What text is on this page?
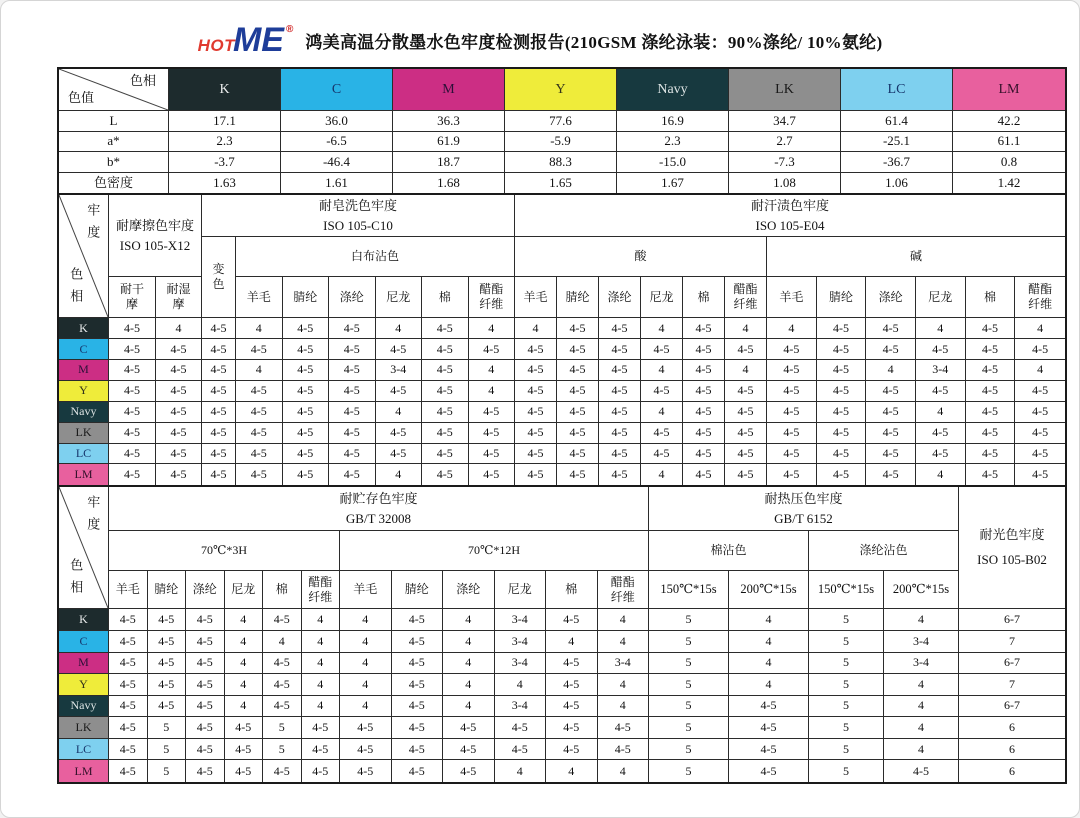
HOT
ME ®
鸿美高温分散墨水色牢度检测报告(210GSM 涤纶泳装：90%涤纶/ 10%氨纶)
色相
色值
K	C	M	Y	Navy	LK	LC	LM
L	17.1	36.0	36.3	77.6	16.9	34.7	61.4	42.2
a*	2.3	-6.5	61.9	-5.9	2.3	2.7	-25.1	61.1
b*	-3.7	-46.4	18.7	88.3	-15.0	-7.3	-36.7	0.8
色密度	1.63	1.61	1.68	1.65	1.67	1.08	1.06	1.42
牢度
色相
耐摩擦色牢度
ISO 105-X12
耐皂洗色牢度
ISO 105-C10
耐汗渍色牢度
ISO 105-E04
变色
白布沾色	酸	碱
耐干摩
耐湿摩
羊毛 腈纶 涤纶 尼龙 棉
醋酯纤维
羊毛 腈纶 涤纶 尼龙 棉
醋酯纤维
羊毛 腈纶 涤纶 尼龙	棉
醋酯纤维
K	4-5	4	4-5	4	4-5	4-5	4	4-5	4	4	4-5	4-5	4	4-5	4	4	4-5	4-5	4	4-5	4
C	4-5	4-5	4-5	4-5	4-5	4-5	4-5	4-5	4-5	4-5	4-5	4-5	4-5	4-5	4-5	4-5	4-5	4-5	4-5	4-5	4-5
M	4-5	4-5	4-5	4	4-5	4-5	3-4	4-5	4	4-5	4-5	4-5	4	4-5	4	4-5	4-5	4	3-4	4-5	4
Y	4-5	4-5	4-5	4-5	4-5	4-5	4-5	4-5	4	4-5	4-5	4-5	4-5	4-5	4-5	4-5	4-5	4-5	4-5	4-5	4-5
Navy	4-5	4-5	4-5	4-5	4-5	4-5	4	4-5	4-5	4-5	4-5	4-5	4	4-5	4-5	4-5	4-5	4-5	4	4-5	4-5
LK	4-5	4-5	4-5	4-5	4-5	4-5	4-5	4-5	4-5	4-5	4-5	4-5	4-5	4-5	4-5	4-5	4-5	4-5	4-5	4-5	4-5
LC	4-5	4-5	4-5	4-5	4-5	4-5	4-5	4-5	4-5	4-5	4-5	4-5	4-5	4-5	4-5	4-5	4-5	4-5	4-5	4-5	4-5
LM	4-5	4-5	4-5	4-5	4-5	4-5	4	4-5	4-5	4-5	4-5	4-5	4	4-5	4-5	4-5	4-5	4-5	4	4-5	4-5
牢度
色相
耐贮存色牢度
GB/T 32008
70℃*3H	70℃*12H
耐热压色牢度
GB/T 6152
棉沾色	涤纶沾色
耐光色牢度
ISO 105-B02
羊毛 腈纶 涤纶 尼龙 棉
醋酯纤维
羊毛 腈纶 涤纶 尼龙	棉
醋酯纤维
150℃*15s	200℃*15s	150℃*15s	200℃*15s
K	4-5	4-5	4-5	4	4-5	4	4	4-5	4	3-4	4-5	4	5	4	5	4	6-7
C	4-5	4-5	4-5	4	4	4	4	4-5	4	3-4	4	4	5	4	5	3-4	7
M	4-5	4-5	4-5	4	4-5	4	4	4-5	4	3-4	4-5	3-4	5	4	5	3-4	6-7
Y	4-5	4-5	4-5	4	4-5	4	4	4-5	4	4	4-5	4	5	4	5	4	7
Navy	4-5	4-5	4-5	4	4-5	4	4	4-5	4	3-4	4-5	4	5	4-5	5	4	6-7
LK	4-5	5	4-5	4-5	5	4-5	4-5	4-5	4-5	4-5	4-5	4-5	5	4-5	5	4	6
LC	4-5	5	4-5	4-5	5	4-5	4-5	4-5	4-5	4-5	4-5	4-5	5	4-5	5	4	6
LM	4-5	5	4-5	4-5	4-5	4-5	4-5	4-5	4-5	4	4	4	5	4-5	5	4-5	6
